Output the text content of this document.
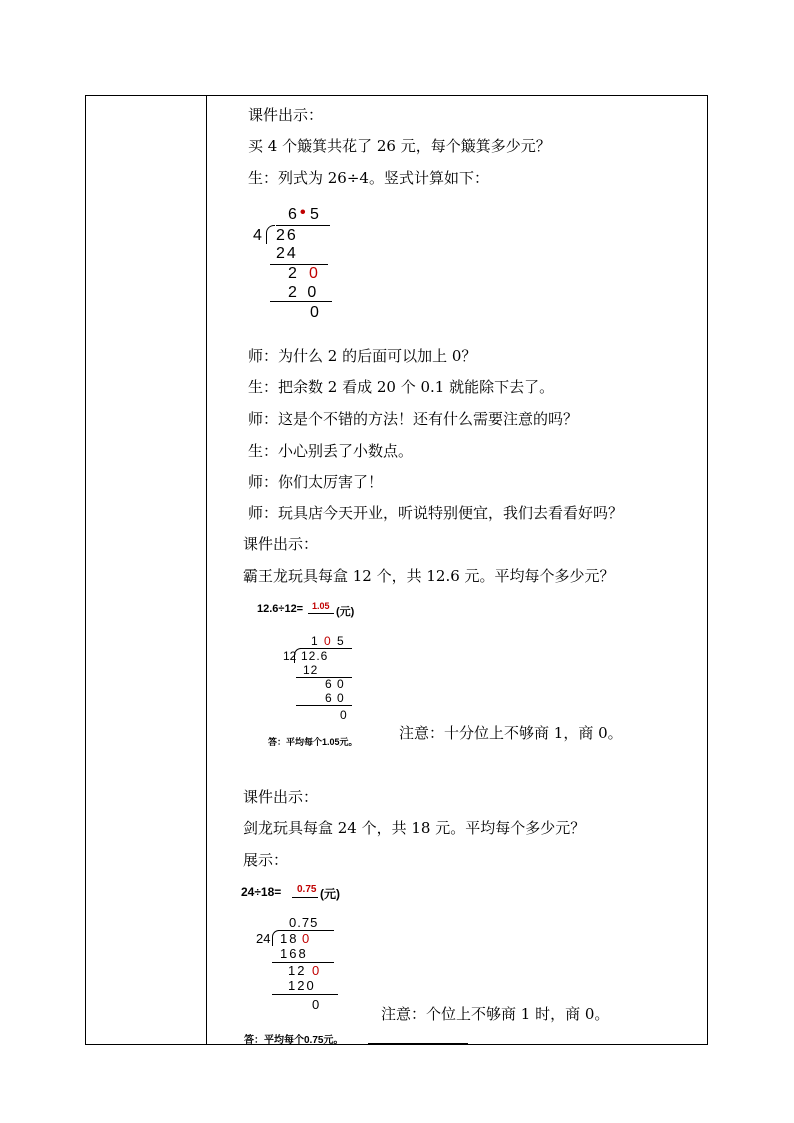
课件出示：
买 4 个簸箕共花了 26 元，每个簸箕多少元？
生：列式为 26÷4。竖式计算如下：
6 • 5
4 26
24
2 0
2 0
0
师：为什么 2 的后面可以加上 0？
生：把余数 2 看成 20 个 0.1 就能除下去了。
师：这是个不错的方法！还有什么需要注意的吗？
生：小心别丢了小数点。
师：你们太厉害了！
师：玩具店今天开业，听说特别便宜，我们去看看好吗？
课件出示：
霸王龙玩具每盒 12 个，共 12.6 元。平均每个多少元？
12.6÷12= 1.05 (元)
1 0 5
12 12.6
12
6 0
6 0
0
答：平均每个1.05元。	注意：十分位上不够商 1，商 0。
课件出示：
剑龙玩具每盒 24 个，共 18 元。平均每个多少元？
展示：
24÷18= 0.75 (元)
0.75
24 18 0
168
12 0
120
0
答：平均每个0.75元。
注意：个位上不够商 1 时，商 0。
